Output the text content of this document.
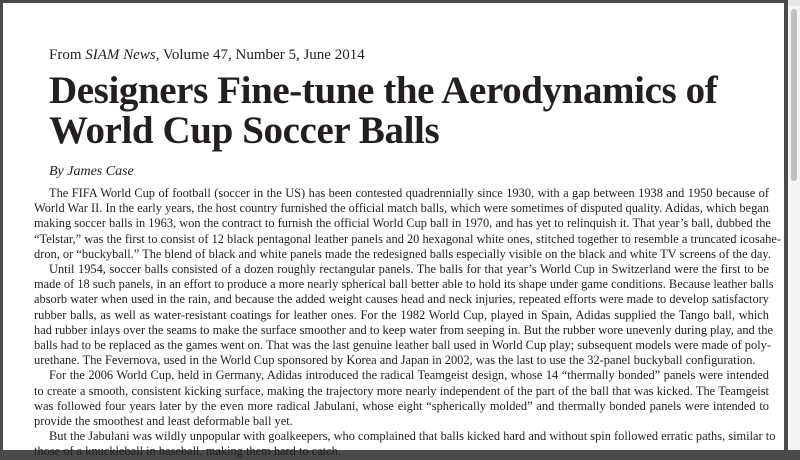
From SIAM News, Volume 47, Number 5, June 2014
Designers Fine-tune the Aerodynamics of
World Cup Soccer Balls
By James Case
The FIFA World Cup of football (soccer in the US) has been contested quadrennially since 1930, with a gap between 1938 and 1950 because of
World War II. In the early years, the host country furnished the official match balls, which were sometimes of disputed quality. Adidas, which began
making soccer balls in 1963, won the contract to furnish the official World Cup ball in 1970, and has yet to relinquish it. That year’s ball, dubbed the
“Telstar,” was the first to consist of 12 black pentagonal leather panels and 20 hexagonal white ones, stitched together to resemble a truncated icosahe-
dron, or “buckyball.” The blend of black and white panels made the redesigned balls especially visible on the black and white TV screens of the day.
Until 1954, soccer balls consisted of a dozen roughly rectangular panels. The balls for that year’s World Cup in Switzerland were the first to be
made of 18 such panels, in an effort to produce a more nearly spherical ball better able to hold its shape under game conditions. Because leather balls
absorb water when used in the rain, and because the added weight causes head and neck injuries, repeated efforts were made to develop satisfactory
rubber balls, as well as water-resistant coatings for leather ones. For the 1982 World Cup, played in Spain, Adidas supplied the Tango ball, which
had rubber inlays over the seams to make the surface smoother and to keep water from seeping in. But the rubber wore unevenly during play, and the
balls had to be replaced as the games went on. That was the last genuine leather ball used in World Cup play; subsequent models were made of poly-
urethane. The Fevernova, used in the World Cup sponsored by Korea and Japan in 2002, was the last to use the 32-panel buckyball configuration.
For the 2006 World Cup, held in Germany, Adidas introduced the radical Teamgeist design, whose 14 “thermally bonded” panels were intended
to create a smooth, consistent kicking surface, making the trajectory more nearly independent of the part of the ball that was kicked. The Teamgeist
was followed four years later by the even more radical Jabulani, whose eight “spherically molded” and thermally bonded panels were intended to
provide the smoothest and least deformable ball yet.
But the Jabulani was wildly unpopular with goalkeepers, who complained that balls kicked hard and without spin followed erratic paths, similar to
those of a knuckleball in baseball, making them hard to catch.
